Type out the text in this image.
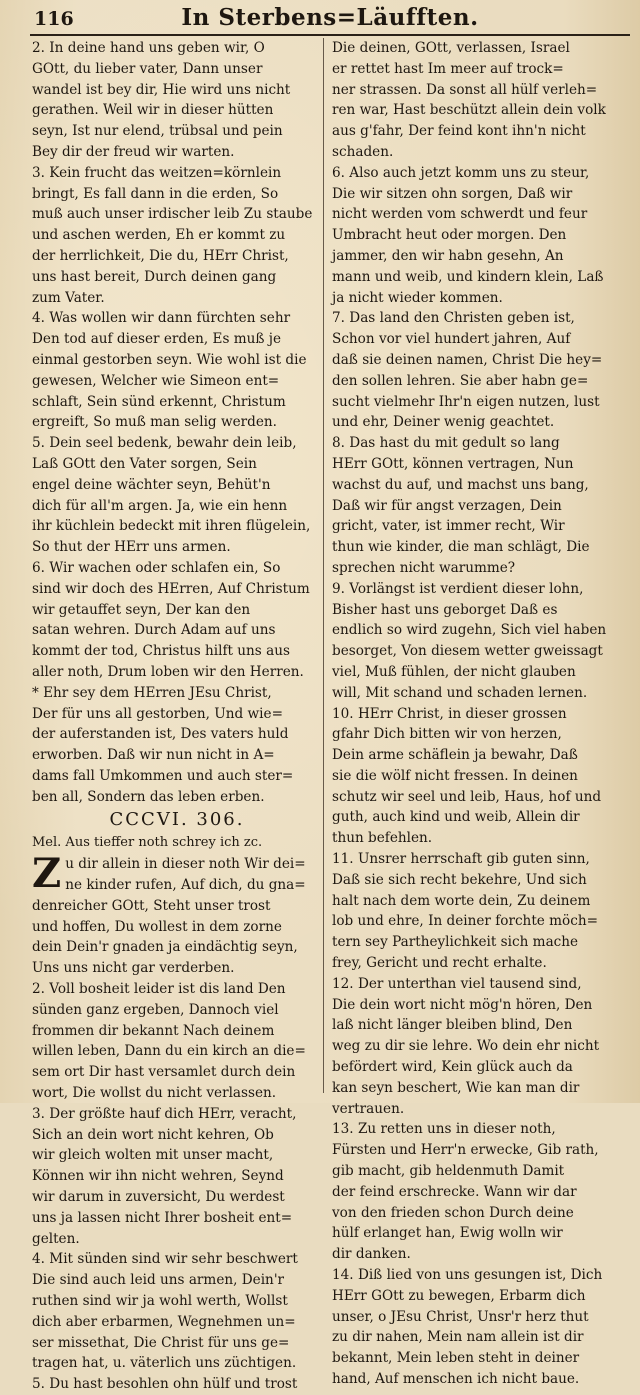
116	In Sterbens=Läufften.
2. In deine hand uns geben wir, O
GOtt, du lieber vater, Dann unser
wandel ist bey dir, Hie wird uns nicht
gerathen. Weil wir in dieser hütten
seyn, Ist nur elend, trübsal und pein
Bey dir der freud wir warten.
3. Kein frucht das weitzen=körnlein
bringt, Es fall dann in die erden, So
muß auch unser irdischer leib Zu staube
und aschen werden, Eh er kommt zu
der herrlichkeit, Die du, HErr Christ,
uns hast bereit, Durch deinen gang
zum Vater.
4. Was wollen wir dann fürchten sehr
Den tod auf dieser erden, Es muß je
einmal gestorben seyn. Wie wohl ist die
gewesen, Welcher wie Simeon ent=
schlaft, Sein sünd erkennt, Christum
ergreift, So muß man selig werden.
5. Dein seel bedenk, bewahr dein leib,
Laß GOtt den Vater sorgen, Sein
engel deine wächter seyn, Behüt'n
dich für all'm argen. Ja, wie ein henn
ihr küchlein bedeckt mit ihren flügelein,
So thut der HErr uns armen.
6. Wir wachen oder schlafen ein, So
sind wir doch des HErren, Auf Christum
wir getauffet seyn, Der kan den
satan wehren. Durch Adam auf uns
kommt der tod, Christus hilft uns aus
aller noth, Drum loben wir den Herren.
* Ehr sey dem HErren JEsu Christ,
Der für uns all gestorben, Und wie=
der auferstanden ist, Des vaters huld
erworben. Daß wir nun nicht in A=
dams fall Umkommen und auch ster=
ben all, Sondern das leben erben.
CCCVI. 306.
Mel. Aus tieffer noth schrey ich zc.
Z u dir allein in dieser noth Wir dei=
ne kinder rufen, Auf dich, du gna=
denreicher GOtt, Steht unser trost
und hoffen, Du wollest in dem zorne
dein Dein'r gnaden ja eindächtig seyn,
Uns uns nicht gar verderben.
2. Voll bosheit leider ist dis land Den
sünden ganz ergeben, Dannoch viel
frommen dir bekannt Nach deinem
willen leben, Dann du ein kirch an die=
sem ort Dir hast versamlet durch dein
wort, Die wollst du nicht verlassen.
3. Der größte hauf dich HErr, veracht,
Sich an dein wort nicht kehren, Ob
wir gleich wolten mit unser macht,
Können wir ihn nicht wehren, Seynd
wir darum in zuversicht, Du werdest
uns ja lassen nicht Ihrer bosheit ent=
gelten.
4. Mit sünden sind wir sehr beschwert
Die sind auch leid uns armen, Dein'r
ruthen sind wir ja wohl werth, Wollst
dich aber erbarmen, Wegnehmen un=
ser missethat, Die Christ für uns ge=
tragen hat, u. väterlich uns züchtigen.
5. Du hast besohlen ohn hülf und trost
Die deinen, GOtt, verlassen, Israel
er rettet hast Im meer auf trock=
ner strassen. Da sonst all hülf verleh=
ren war, Hast beschützt allein dein volk
aus g'fahr, Der feind kont ihn'n nicht
schaden.
6. Also auch jetzt komm uns zu steur,
Die wir sitzen ohn sorgen, Daß wir
nicht werden vom schwerdt und feur
Umbracht heut oder morgen. Den
jammer, den wir habn gesehn, An
mann und weib, und kindern klein, Laß
ja nicht wieder kommen.
7. Das land den Christen geben ist,
Schon vor viel hundert jahren, Auf
daß sie deinen namen, Christ Die hey=
den sollen lehren. Sie aber habn ge=
sucht vielmehr Ihr'n eigen nutzen, lust
und ehr, Deiner wenig geachtet.
8. Das hast du mit gedult so lang
HErr GOtt, können vertragen, Nun
wachst du auf, und machst uns bang,
Daß wir für angst verzagen, Dein
gricht, vater, ist immer recht, Wir
thun wie kinder, die man schlägt, Die
sprechen nicht warumme?
9. Vorlängst ist verdient dieser lohn,
Bisher hast uns geborget Daß es
endlich so wird zugehn, Sich viel haben
besorget, Von diesem wetter gweissagt
viel, Muß fühlen, der nicht glauben
will, Mit schand und schaden lernen.
10. HErr Christ, in dieser grossen
gfahr Dich bitten wir von herzen,
Dein arme schäflein ja bewahr, Daß
sie die wölf nicht fressen. In deinen
schutz wir seel und leib, Haus, hof und
guth, auch kind und weib, Allein dir
thun befehlen.
11. Unsrer herrschaft gib guten sinn,
Daß sie sich recht bekehre, Und sich
halt nach dem worte dein, Zu deinem
lob und ehre, In deiner forchte möch=
tern sey Partheylichkeit sich mache
frey, Gericht und recht erhalte.
12. Der unterthan viel tausend sind,
Die dein wort nicht mög'n hören, Den
laß nicht länger bleiben blind, Den
weg zu dir sie lehre. Wo dein ehr nicht
befördert wird, Kein glück auch da
kan seyn beschert, Wie kan man dir
vertrauen.
13. Zu retten uns in dieser noth,
Fürsten und Herr'n erwecke, Gib rath,
gib macht, gib heldenmuth Damit
der feind erschrecke. Wann wir dar
von den frieden schon Durch deine
hülf erlanget han, Ewig wolln wir
dir danken.
14. Diß lied von uns gesungen ist, Dich
HErr GOtt zu bewegen, Erbarm dich
unser, o JEsu Christ, Unsr'r herz thut
zu dir nahen, Mein nam allein ist dir
bekannt, Mein leben steht in deiner
hand, Auf menschen ich nicht baue.
